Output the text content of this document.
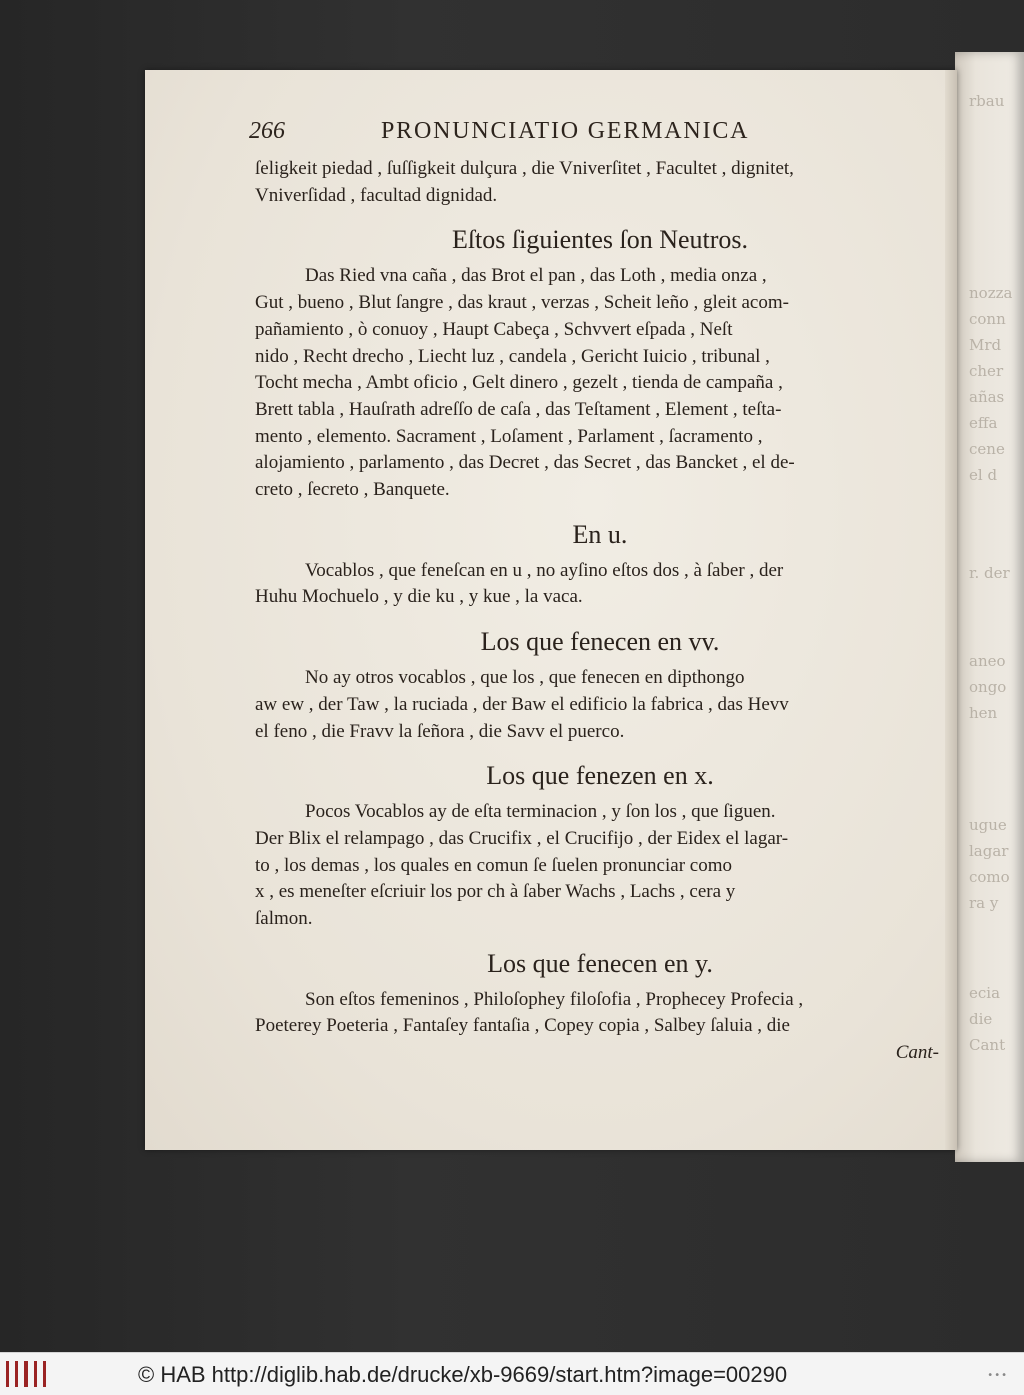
rbau
nozza
conn
Mrd
cher
añas
effa
cene
el d
r. der
aneo
ongo
hen
ugue
lagar
como
ra y
ecia
die
Cant
266	PRONUNCIATIO GERMANICA
ſeligkeit piedad , ſuſſigkeit dulçura , die Vniverſitet , Facultet , dignitet,
Vniverſidad , facultad dignidad.
Eſtos ſiguientes ſon Neutros.
Das Ried vna caña , das Brot el pan , das Loth , media onza ,
Gut , bueno , Blut ſangre , das kraut , verzas , Scheit leño , gleit acom-
pañamiento , ò conuoy , Haupt Cabeça , Schvvert eſpada , Neſt
nido , Recht drecho , Liecht luz , candela , Gericht Iuicio , tribunal ,
Tocht mecha , Ambt oficio , Gelt dinero , gezelt , tienda de campaña ,
Brett tabla , Hauſrath adreſſo de caſa , das Teſtament , Element , teſta-
mento , elemento. Sacrament , Loſament , Parlament , ſacramento ,
alojamiento , parlamento , das Decret , das Secret , das Bancket , el de-
creto , ſecreto , Banquete.
En u.
Vocablos , que feneſcan en u , no ayſino eſtos dos , à ſaber , der
Huhu Mochuelo , y die ku , y kue , la vaca.
Los que fenecen en vv.
No ay otros vocablos , que los , que fenecen en dipthongo
aw ew , der Taw , la ruciada , der Baw el edificio la fabrica , das Hevv
el feno , die Fravv la ſeñora , die Savv el puerco.
Los que fenezen en x.
Pocos Vocablos ay de eſta terminacion , y ſon los , que ſiguen.
Der Blix el relampago , das Crucifix , el Crucifijo , der Eidex el lagar-
to , los demas , los quales en comun ſe ſuelen pronunciar como
x , es meneſter eſcriuir los por ch à ſaber Wachs , Lachs , cera y
ſalmon.
Los que fenecen en y.
Son eſtos femeninos , Philoſophey filoſofia , Prophecey Profecia ,
Poeterey Poeteria , Fantaſey fantaſia , Copey copia , Salbey ſaluia , die
Cant-
© HAB http://diglib.hab.de/drucke/xb-9669/start.htm?image=00290	•••
